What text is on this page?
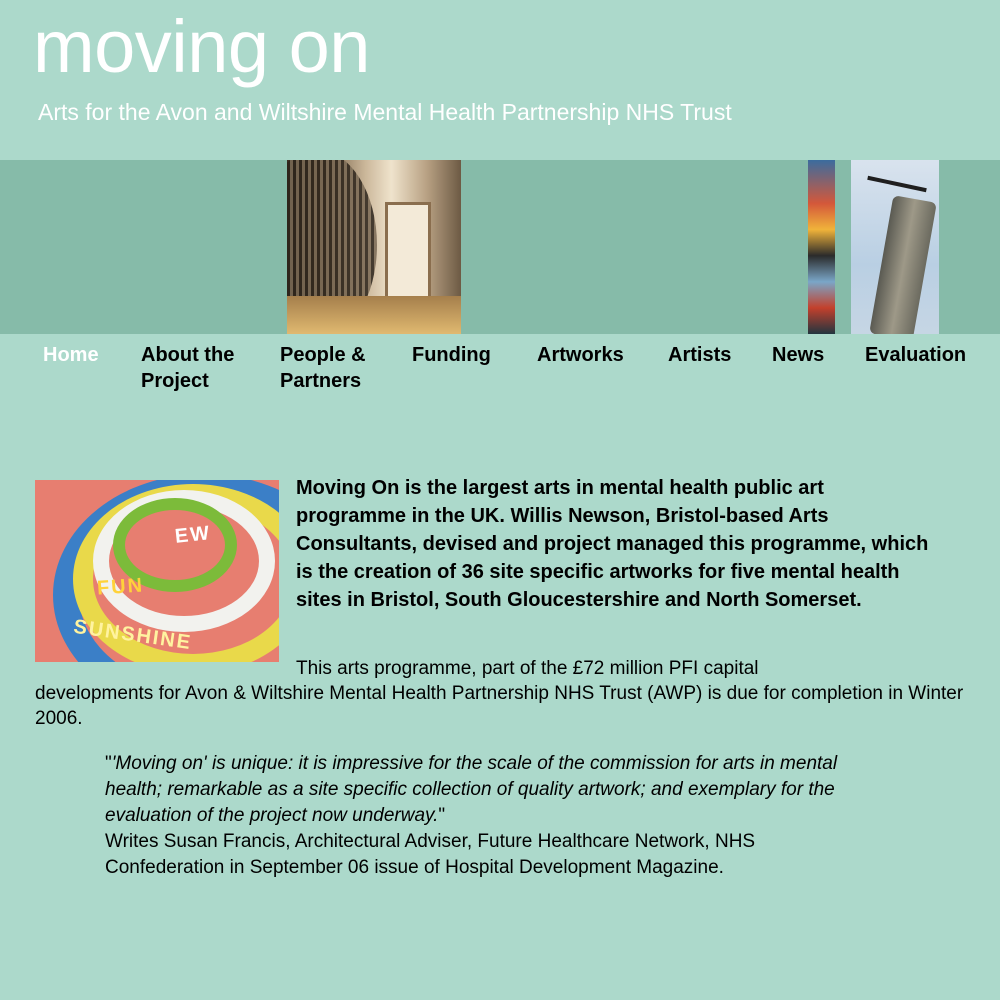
moving on
Arts for the Avon and Wiltshire Mental Health Partnership NHS Trust
Home About the
Project
People &
Partners
Funding Artworks Artists News Evaluation
SUNSHINE
FUN
EW
Moving On is the largest arts in mental health public art programme in the UK. Willis Newson, Bristol-based Arts Consultants, devised and project managed this programme, which is the creation of 36 site specific artworks for five mental health sites in Bristol, South Gloucestershire and North Somerset.
This arts programme, part of the £72 million PFI capital
developments for Avon & Wiltshire Mental Health Partnership NHS Trust (AWP) is due for completion in Winter 2006.
"'Moving on' is unique: it is impressive for the scale of the commission for arts in mental health; remarkable as a site specific collection of quality artwork; and exemplary for the evaluation of the project now underway."
Writes Susan Francis, Architectural Adviser, Future Healthcare Network, NHS Confederation in September 06 issue of Hospital Development Magazine.
